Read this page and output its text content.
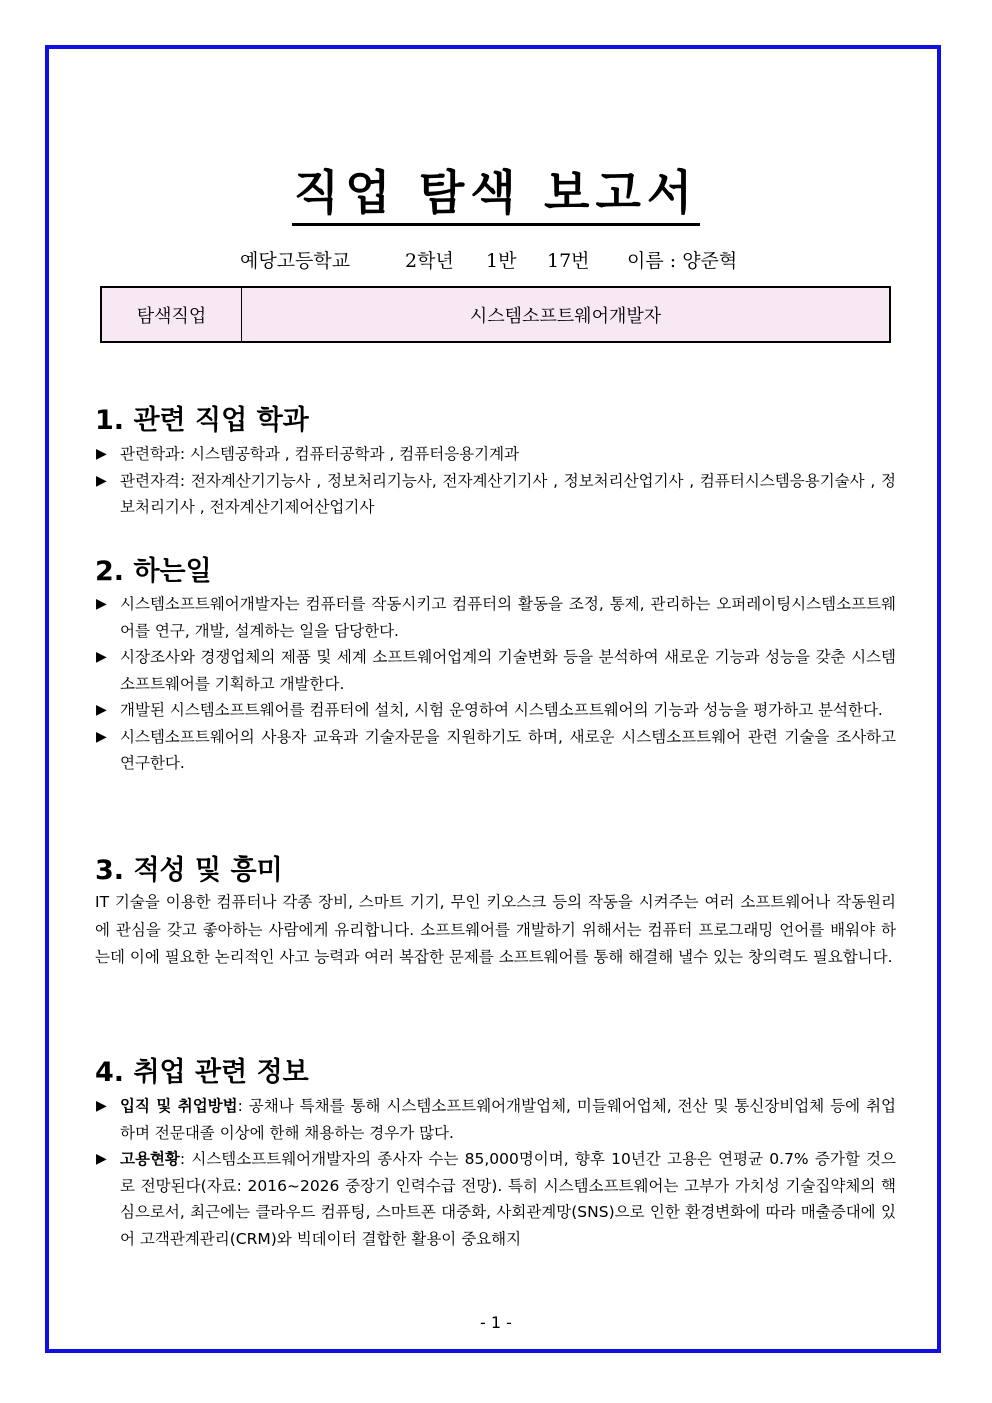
직업 탐색 보고서
예당고등학교	2학년 1반 17번 이름 : 양준혁
탐색직업	시스템소프트웨어개발자
1. 관련 직업 학과
▶ 관련학과: 시스템공학과 , 컴퓨터공학과 , 컴퓨터응용기계과
▶ 관련자격: 전자계산기기능사 , 정보처리기능사, 전자계산기기사 , 정보처리산업기사 , 컴퓨터시스템응용기술사 , 정보처리기사 , 전자계산기제어산업기사
2. 하는일
▶ 시스템소프트웨어개발자는 컴퓨터를 작동시키고 컴퓨터의 활동을 조정, 통제, 관리하는 오퍼레이팅시스템소프트웨어를 연구, 개발, 설계하는 일을 담당한다.
▶ 시장조사와 경쟁업체의 제품 및 세계 소프트웨어업계의 기술변화 등을 분석하여 새로운 기능과 성능을 갖춘 시스템소프트웨어를 기획하고 개발한다.
▶ 개발된 시스템소프트웨어를 컴퓨터에 설치, 시험 운영하여 시스템소프트웨어의 기능과 성능을 평가하고 분석한다.
▶ 시스템소프트웨어의 사용자 교육과 기술자문을 지원하기도 하며, 새로운 시스템소프트웨어 관련 기술을 조사하고 연구한다.
3. 적성 및 흥미
IT 기술을 이용한 컴퓨터나 각종 장비, 스마트 기기, 무인 키오스크 등의 작동을 시켜주는 여러 소프트웨어나 작동원리에 관심을 갖고 좋아하는 사람에게 유리합니다. 소프트웨어를 개발하기 위해서는 컴퓨터 프로그래밍 언어를 배워야 하는데 이에 필요한 논리적인 사고 능력과 여러 복잡한 문제를 소프트웨어를 통해 해결해 낼수 있는 창의력도 필요합니다.
4. 취업 관련 정보
▶ 입직 및 취업방법: 공채나 특채를 통해 시스템소프트웨어개발업체, 미들웨어업체, 전산 및 통신장비업체 등에 취업하며 전문대졸 이상에 한해 채용하는 경우가 많다.
▶ 고용현황: 시스템소프트웨어개발자의 종사자 수는 85,000명이며, 향후 10년간 고용은 연평균 0.7% 증가할 것으로 전망된다(자료: 2016~2026 중장기 인력수급 전망). 특히 시스템소프트웨어는 고부가 가치성 기술집약체의 핵심으로서, 최근에는 클라우드 컴퓨팅, 스마트폰 대중화, 사회관계망(SNS)으로 인한 환경변화에 따라 매출증대에 있어 고객관계관리(CRM)와 빅데이터 결합한 활용이 중요해지
- 1 -
